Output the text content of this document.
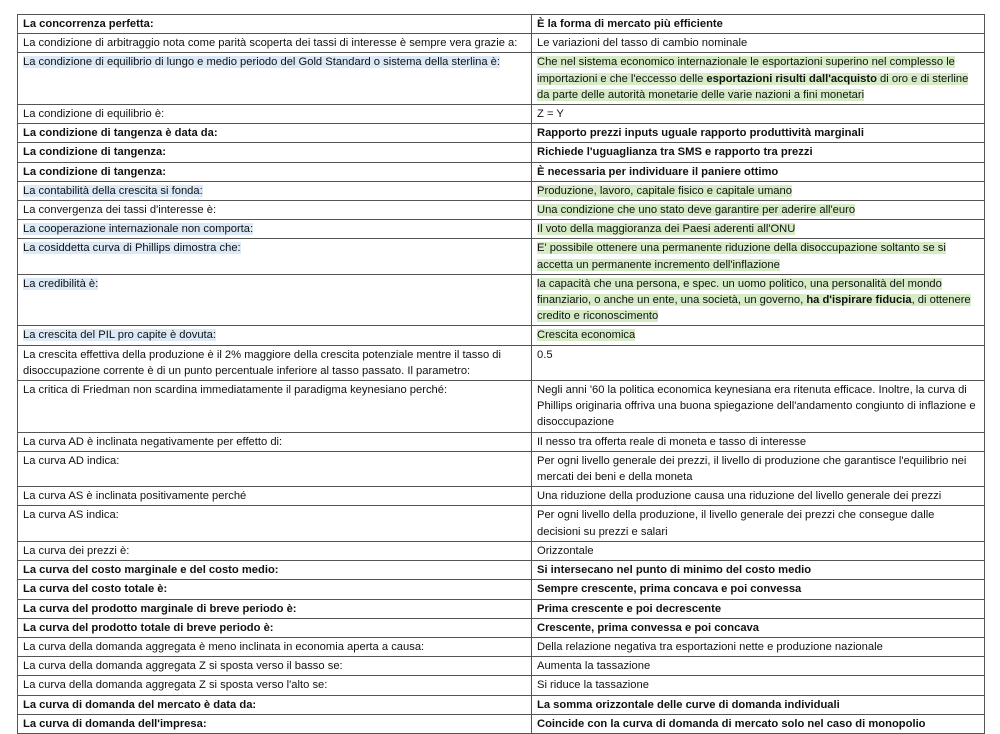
La concorrenza perfetta:	È la forma di mercato più efficiente
La condizione di arbitraggio nota come parità scoperta dei tassi di interesse è sempre vera grazie a:	Le variazioni del tasso di cambio nominale
La condizione di equilibrio di lungo e medio periodo del Gold Standard o sistema della sterlina è:	Che nel sistema economico internazionale le esportazioni superino nel complesso le importazioni e che l'eccesso delle esportazioni risulti dall'acquisto di oro e di sterline da parte delle autorità monetarie delle varie nazioni a fini monetari
La condizione di equilibrio è:	Z = Y
La condizione di tangenza è data da:	Rapporto prezzi inputs uguale rapporto produttività marginali
La condizione di tangenza:	Richiede l'uguaglianza tra SMS e rapporto tra prezzi
La condizione di tangenza:	È necessaria per individuare il paniere ottimo
La contabilità della crescita si fonda:	Produzione, lavoro, capitale fisico e capitale umano
La convergenza dei tassi d'interesse è:	Una condizione che uno stato deve garantire per aderire all'euro
La cooperazione internazionale non comporta:	Il voto della maggioranza dei Paesi aderenti all'ONU
La cosiddetta curva di Phillips dimostra che:	E' possibile ottenere una permanente riduzione della disoccupazione soltanto se si accetta un permanente incremento dell'inflazione
La credibilità è:	la capacità che una persona, e spec. un uomo politico, una personalità del mondo finanziario, o anche un ente, una società, un governo, ha d'ispirare fiducia, di ottenere credito e riconoscimento
La crescita del PIL pro capite è dovuta:	Crescita economica
La crescita effettiva della produzione è il 2% maggiore della crescita potenziale mentre il tasso di disoccupazione corrente è di un punto percentuale inferiore al tasso passato. Il parametro:	0.5
La critica di Friedman non scardina immediatamente il paradigma keynesiano perché:	Negli anni '60 la politica economica keynesiana era ritenuta efficace. Inoltre, la curva di Phillips originaria offriva una buona spiegazione dell'andamento congiunto di inflazione e disoccupazione
La curva AD è inclinata negativamente per effetto di:	Il nesso tra offerta reale di moneta e tasso di interesse
La curva AD indica:	Per ogni livello generale dei prezzi, il livello di produzione che garantisce l'equilibrio nei mercati dei beni e della moneta
La curva AS è inclinata positivamente perché	Una riduzione della produzione causa una riduzione del livello generale dei prezzi
La curva AS indica:	Per ogni livello della produzione, il livello generale dei prezzi che consegue dalle decisioni su prezzi e salari
La curva dei prezzi è:	Orizzontale
La curva del costo marginale e del costo medio:	Si intersecano nel punto di minimo del costo medio
La curva del costo totale è:	Sempre crescente, prima concava e poi convessa
La curva del prodotto marginale di breve periodo è:	Prima crescente e poi decrescente
La curva del prodotto totale di breve periodo è:	Crescente, prima convessa e poi concava
La curva della domanda aggregata è meno inclinata in economia aperta a causa:	Della relazione negativa tra esportazioni nette e produzione nazionale
La curva della domanda aggregata Z si sposta verso il basso se:	Aumenta la tassazione
La curva della domanda aggregata Z si sposta verso l'alto se:	Si riduce la tassazione
La curva di domanda del mercato è data da:	La somma orizzontale delle curve di domanda individuali
La curva di domanda dell'impresa:	Coincide con la curva di domanda di mercato solo nel caso di monopolio
